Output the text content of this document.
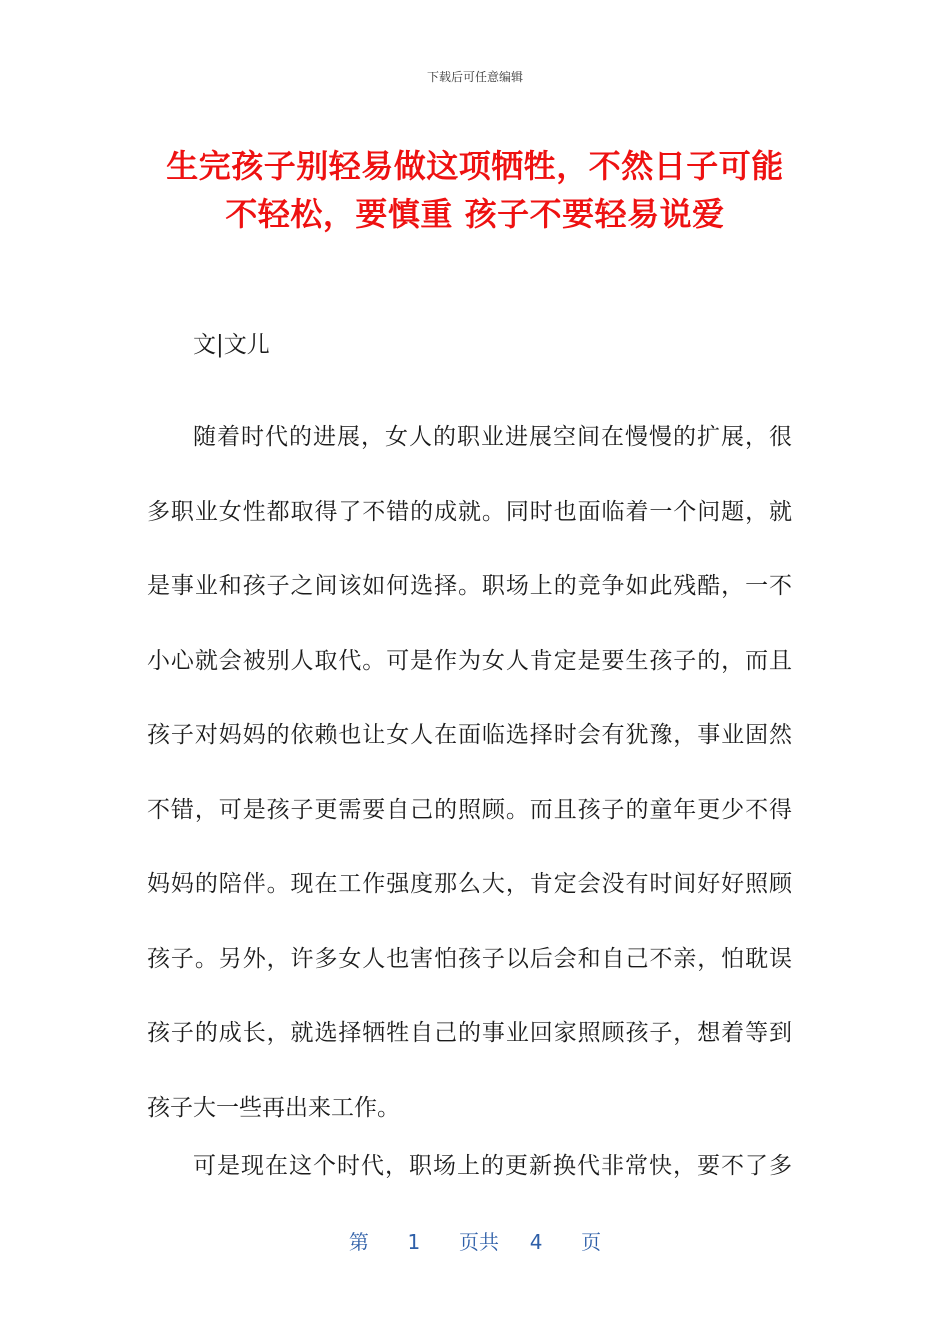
下载后可任意编辑
生完孩子别轻易做这项牺牲，不然日子可能
不轻松，要慎重 孩子不要轻易说爱
文|文儿
随着时代的进展，女人的职业进展空间在慢慢的扩展，很
多职业女性都取得了不错的成就。同时也面临着一个问题，就
是事业和孩子之间该如何选择。职场上的竞争如此残酷，一不
小心就会被别人取代。可是作为女人肯定是要生孩子的，而且
孩子对妈妈的依赖也让女人在面临选择时会有犹豫，事业固然
不错，可是孩子更需要自己的照顾。而且孩子的童年更少不得
妈妈的陪伴。现在工作强度那么大，肯定会没有时间好好照顾
孩子。另外，许多女人也害怕孩子以后会和自己不亲，怕耽误
孩子的成长，就选择牺牲自己的事业回家照顾孩子，想着等到
孩子大一些再出来工作。
可是现在这个时代，职场上的更新换代非常快，要不了多
第 1 页共 4 页
